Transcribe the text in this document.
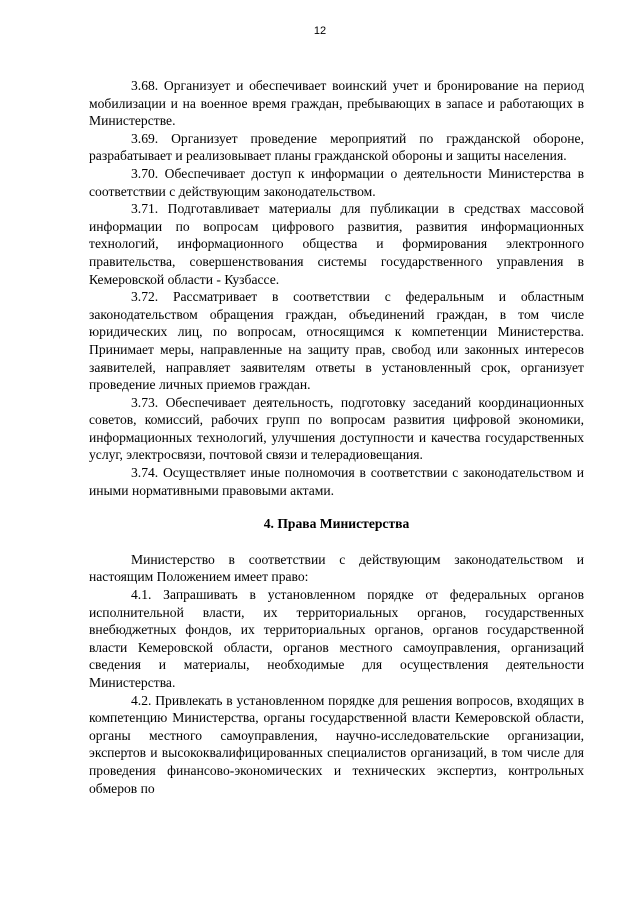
12

3.68. Организует и обеспечивает воинский учет и бронирование на период мобилизации и на военное время граждан, пребывающих в запасе и работающих в Министерстве.

3.69. Организует проведение мероприятий по гражданской обороне, разрабатывает и реализовывает планы гражданской обороны и защиты населения.

3.70. Обеспечивает доступ к информации о деятельности Министерства в соответствии с действующим законодательством.

3.71. Подготавливает материалы для публикации в средствах массовой информации по вопросам цифрового развития, развития информационных технологий, информационного общества и формирования электронного правительства, совершенствования системы государственного управления в Кемеровской области - Кузбассе.

3.72. Рассматривает в соответствии с федеральным и областным законодательством обращения граждан, объединений граждан, в том числе юридических лиц, по вопросам, относящимся к компетенции Министерства. Принимает меры, направленные на защиту прав, свобод или законных интересов заявителей, направляет заявителям ответы в установленный срок, организует проведение личных приемов граждан.

3.73. Обеспечивает деятельность, подготовку заседаний координационных советов, комиссий, рабочих групп по вопросам развития цифровой экономики, информационных технологий, улучшения доступности и качества государственных услуг, электросвязи, почтовой связи и телерадиовещания.

3.74. Осуществляет иные полномочия в соответствии с законодательством и иными нормативными правовыми актами.

4. Права Министерства

Министерство в соответствии с действующим законодательством и настоящим Положением имеет право:

4.1. Запрашивать в установленном порядке от федеральных органов исполнительной власти, их территориальных органов, государственных внебюджетных фондов, их территориальных органов, органов государственной власти Кемеровской области, органов местного самоуправления, организаций сведения и материалы, необходимые для осуществления деятельности Министерства.

4.2. Привлекать в установленном порядке для решения вопросов, входящих в компетенцию Министерства, органы государственной власти Кемеровской области, органы местного самоуправления, научно-исследовательские организации, экспертов и высококвалифицированных специалистов организаций, в том числе для проведения финансово-экономических и технических экспертиз, контрольных обмеров по
